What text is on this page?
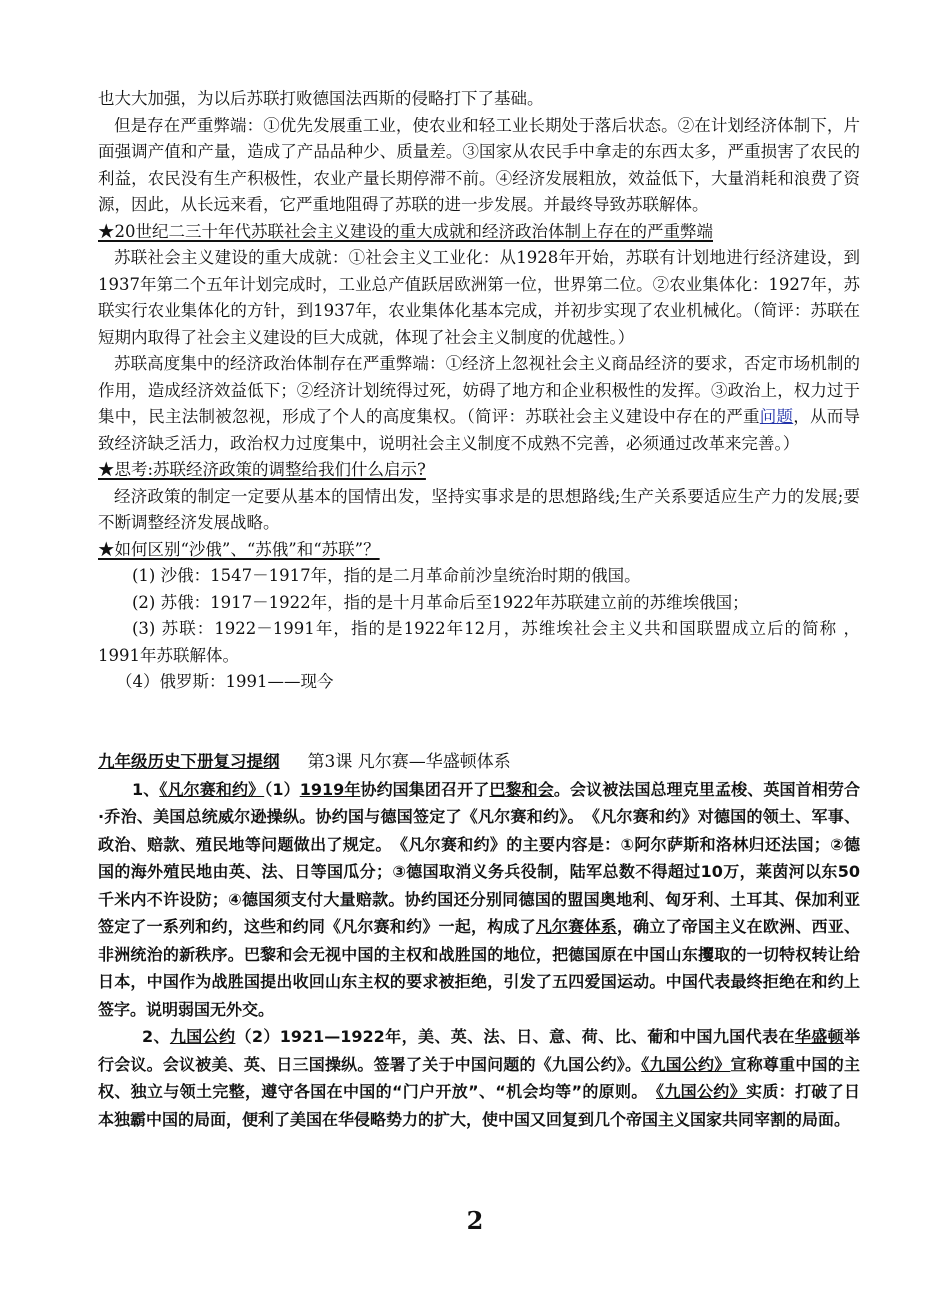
也大大加强，为以后苏联打败德国法西斯的侵略打下了基础。

但是存在严重弊端：①优先发展重工业，使农业和轻工业长期处于落后状态。②在计划经济体制下，片面强调产值和产量，造成了产品品种少、质量差。③国家从农民手中拿走的东西太多，严重损害了农民的利益，农民没有生产积极性，农业产量长期停滞不前。④经济发展粗放，效益低下，大量消耗和浪费了资源，因此，从长远来看，它严重地阻碍了苏联的进一步发展。并最终导致苏联解体。

★20世纪二三十年代苏联社会主义建设的重大成就和经济政治体制上存在的严重弊端

苏联社会主义建设的重大成就：①社会主义工业化：从1928年开始，苏联有计划地进行经济建设，到1937年第二个五年计划完成时，工业总产值跃居欧洲第一位，世界第二位。②农业集体化：1927年，苏联实行农业集体化的方针，到1937年，农业集体化基本完成，并初步实现了农业机械化。（简评：苏联在短期内取得了社会主义建设的巨大成就，体现了社会主义制度的优越性。）

苏联高度集中的经济政治体制存在严重弊端：①经济上忽视社会主义商品经济的要求，否定市场机制的作用，造成经济效益低下；②经济计划统得过死，妨碍了地方和企业积极性的发挥。③政治上，权力过于集中，民主法制被忽视，形成了个人的高度集权。（简评：苏联社会主义建设中存在的严重问题，从而导致经济缺乏活力，政治权力过度集中，说明社会主义制度不成熟不完善，必须通过改革来完善。）

★思考:苏联经济政策的调整给我们什么启示?

经济政策的制定一定要从基本的国情出发，坚持实事求是的思想路线;生产关系要适应生产力的发展;要不断调整经济发展战略。

★如何区别“沙俄”、“苏俄”和“苏联”？

(1) 沙俄：1547－1917年，指的是二月革命前沙皇统治时期的俄国。

(2) 苏俄：1917－1922年，指的是十月革命后至1922年苏联建立前的苏维埃俄国；

(3) 苏联：1922－1991年，指的是1922年12月，苏维埃社会主义共和国联盟成立后的简称 ，1991年苏联解体。

（4）俄罗斯：1991——现今

九年级历史下册复习提纲 第3课 凡尔赛—华盛顿体系

1、《凡尔赛和约》（1）1919年协约国集团召开了巴黎和会。会议被法国总理克里孟梭、英国首相劳合·乔治、美国总统威尔逊操纵。协约国与德国签定了《凡尔赛和约》。　 《凡尔赛和约》对德国的领土、军事、政治、赔款、殖民地等问题做出了规定。　 《凡尔赛和约》的主要内容是：①阿尔萨斯和洛林归还法国；②德国的海外殖民地由英、法、日等国瓜分；③德国取消义务兵役制，陆军总数不得超过10万，莱茵河以东50千米内不许设防；④德国须支付大量赔款。协约国还分别同德国的盟国奥地利、匈牙利、土耳其、保加利亚签定了一系列和约，这些和约同《凡尔赛和约》一起，构成了凡尔赛体系，确立了帝国主义在欧洲、西亚、非洲统治的新秩序。巴黎和会无视中国的主权和战胜国的地位，把德国原在中国山东攫取的一切特权转让给日本，中国作为战胜国提出收回山东主权的要求被拒绝，引发了五四爱国运动。中国代表最终拒绝在和约上签字。说明弱国无外交。

2、九国公约（2）1921—1922年，美、英、法、日、意、荷、比、葡和中国九国代表在华盛顿举行会议。会议被美、英、日三国操纵。签署了关于中国问题的《九国公约》。《九国公约》宣称尊重中国的主权、独立与领土完整，遵守各国在中国的“门户开放”、“机会均等”的原则。　 《九国公约》实质：打破了日本独霸中国的局面，便利了美国在华侵略势力的扩大，使中国又回复到几个帝国主义国家共同宰割的局面。

2
